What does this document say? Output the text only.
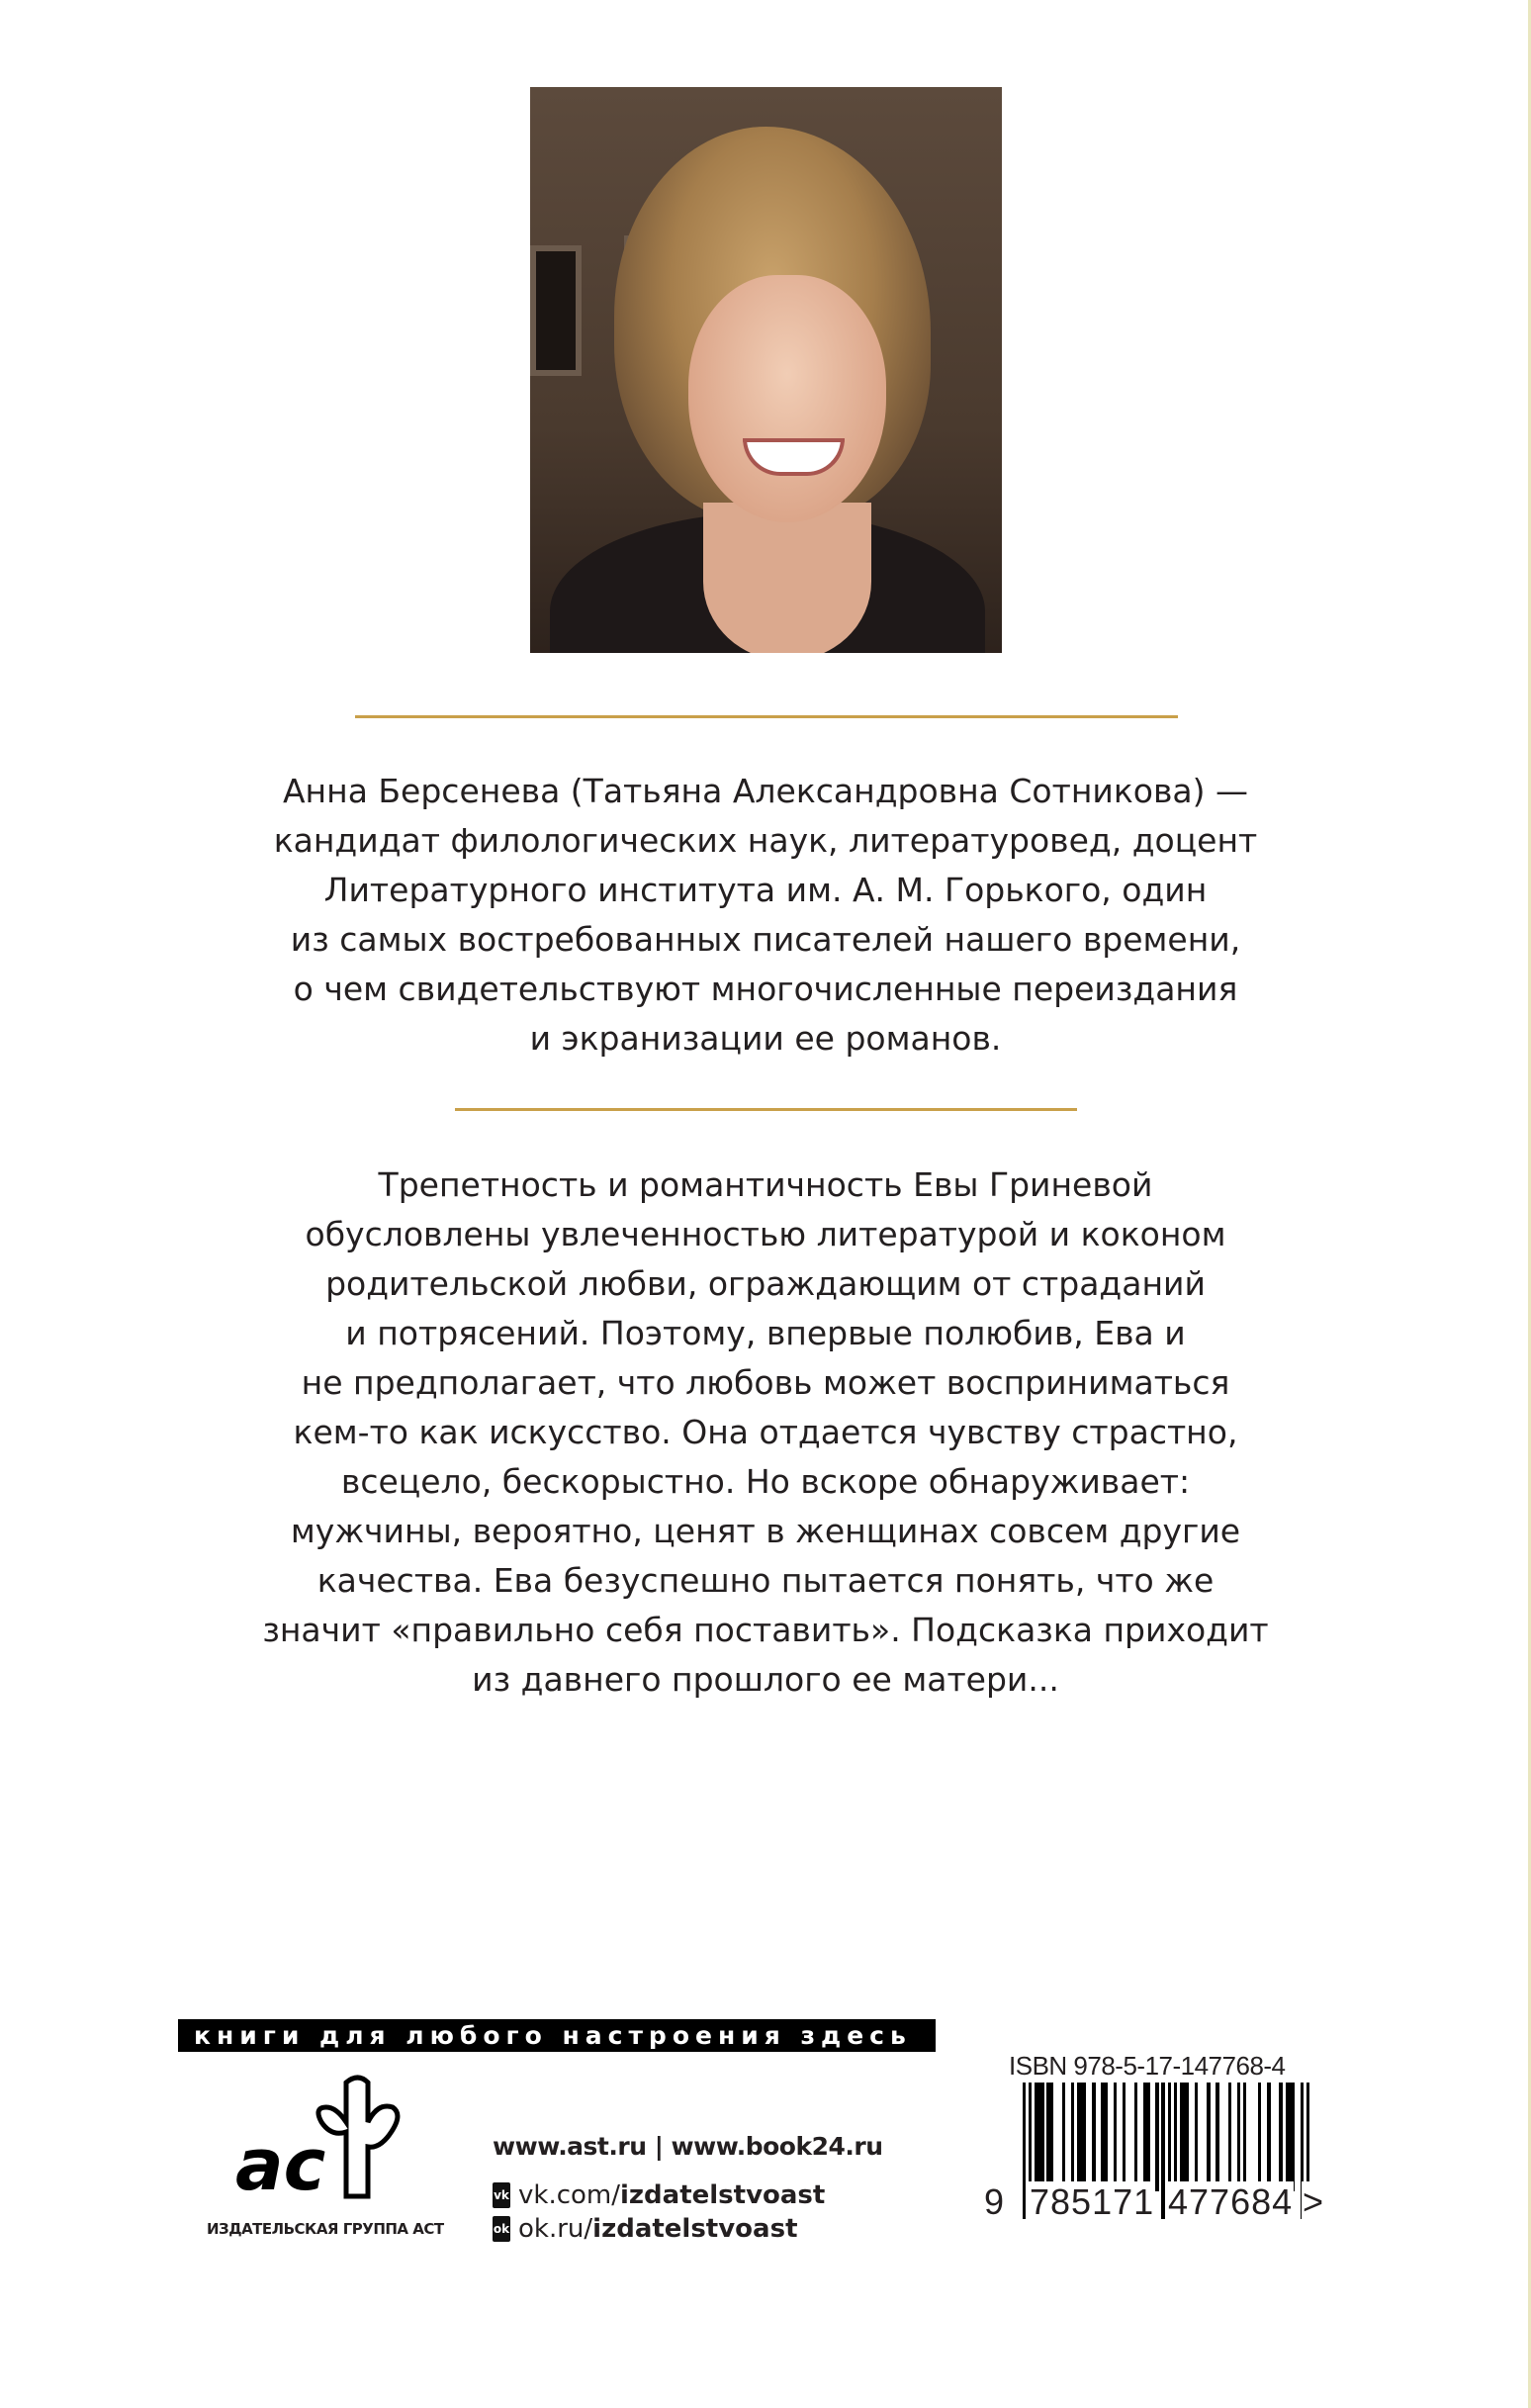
Анна Берсенева (Татьяна Александровна Сотникова) —
кандидат филологических наук, литературовед, доцент
Литературного института им. А. М. Горького, один
из самых востребованных писателей нашего времени,
о чем свидетельствуют многочисленные переиздания
и экранизации ее романов.
Трепетность и романтичность Евы Гриневой
обусловлены увлеченностью литературой и коконом
родительской любви, ограждающим от страданий
и потрясений. Поэтому, впервые полюбив, Ева и
не предполагает, что любовь может восприниматься
кем-то как искусство. Она отдается чувству страстно,
всецело, бескорыстно. Но вскоре обнаруживает:
мужчины, вероятно, ценят в женщинах совсем другие
качества. Ева безуспешно пытается понять, что же
значит «правильно себя поставить». Подсказка приходит
из давнего прошлого ее матери...
книги для любого настроения здесь
ac
ИЗДАТЕЛЬСКАЯ ГРУППА АСТ
www.ast.ru | www.book24.ru
vk vk.com/izdatelstvoast
ok ok.ru/izdatelstvoast
ISBN 978-5-17-147768-4
9 785171 477684 >
